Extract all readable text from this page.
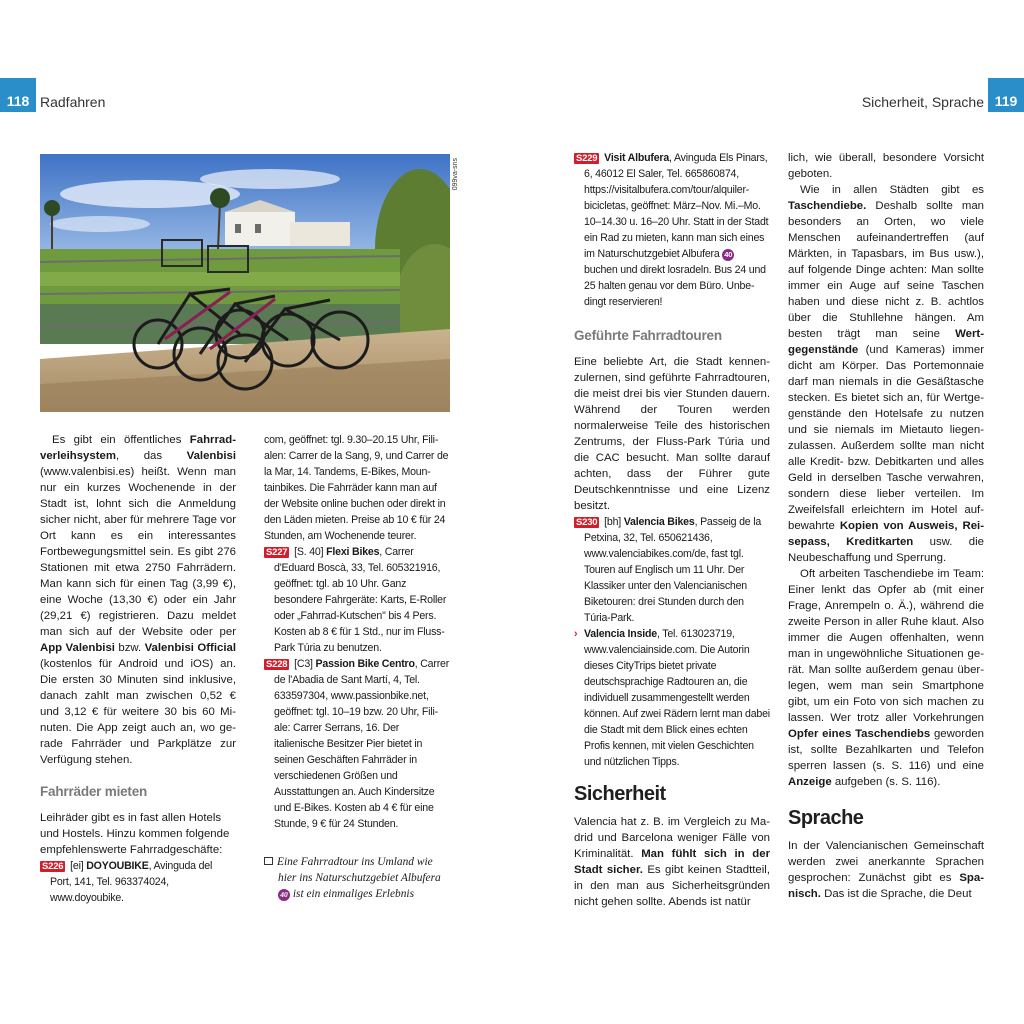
118 Radfahren	Sicherheit, Sprache 119
099va-sns

Es gibt ein öffentliches Fahrradverleihsystem, das Valenbisi (www.valenbisi.es) heißt. Wenn man nur ein kurzes Wochenende in der Stadt ist, lohnt sich die Anmeldung sicher nicht, aber für mehrere Tage vor Ort kann es ein interessantes Fortbewegungsmittel sein. Es gibt 276 Stationen mit etwa 2750 Fahrrädern. Man kann sich für einen Tag (3,99 €), eine Woche (13,30 €) oder ein Jahr (29,21 €) registrieren. Dazu meldet man sich auf der Website oder per App Valenbisi bzw. Valenbisi Official (kostenlos für Android und iOS) an. Die ersten 30 Minuten sind inklusive, danach zahlt man zwischen 0,52 € und 3,12 € für weitere 30 bis 60 Minuten. Die App zeigt auch an, wo gerade Fahrräder und Parkplätze zur Verfügung stehen.

Fahrräder mieten

Leihräder gibt es in fast allen Hotels und Hostels. Hinzu kommen folgende empfehlenswerte Fahrradgeschäfte:

S226 [ei] DOYOUBIKE, Avinguda del Port, 141, Tel. 963374024, www.doyoubike.

com, geöffnet: tgl. 9.30–20.15 Uhr, Filialen: Carrer de la Sang, 9, und Carrer de la Mar, 14. Tandems, E-Bikes, Mountainbikes. Die Fahrräder kann man auf der Website online buchen oder direkt in den Läden mieten. Preise ab 10 € für 24 Stunden, am Wochenende teurer.

S227 [S. 40] Flexi Bikes, Carrer d'Eduard Boscà, 33, Tel. 605321916, geöffnet: tgl. ab 10 Uhr. Ganz besondere Fahrgeräte: Karts, E-Roller oder „Fahrrad-Kutschen" bis 4 Pers. Kosten ab 8 € für 1 Std., nur im Fluss-Park Túria zu benutzen.

S228 [C3] Passion Bike Centro, Carrer de l'Abadia de Sant Martí, 4, Tel. 633597304, www.passionbike.net, geöffnet: tgl. 10–19 bzw. 20 Uhr, Filiale: Carrer Serrans, 16. Der italienische Besitzer Pier bietet in seinen Geschäften Fahrräder in verschiedenen Größen und Ausstattungen an. Auch Kindersitze und E-Bikes. Kosten ab 4 € für eine Stunde, 9 € für 24 Stunden.

Eine Fahrradtour ins Umland wie hier ins Naturschutzgebiet Albufera 40 ist ein einmaliges Erlebnis

S229 Visit Albufera, Avinguda Els Pinars, 6, 46012 El Saler, Tel. 665860874, https://visitalbufera.com/tour/alquiler-bicicletas, geöffnet: März–Nov. Mi.–Mo. 10–14.30 u. 16–20 Uhr. Statt in der Stadt ein Rad zu mieten, kann man sich eines im Naturschutzgebiet Albufera 40 buchen und direkt losradeln. Bus 24 und 25 halten genau vor dem Büro. Unbedingt reservieren!

Geführte Fahrradtouren

Eine beliebte Art, die Stadt kennenzulernen, sind geführte Fahrradtouren, die meist drei bis vier Stunden dauern. Während der Touren werden normalerweise Teile des historischen Zentrums, der Fluss-Park Túria und die CAC besucht. Man sollte darauf achten, dass der Führer gute Deutschkenntnisse und eine Lizenz besitzt.

S230 [bh] Valencia Bikes, Passeig de la Petxina, 32, Tel. 650621436, www.valenciabikes.com/de, fast tgl. Touren auf Englisch um 11 Uhr. Der Klassiker unter den Valencianischen Biketouren: drei Stunden durch den Túria-Park.

› Valencia Inside, Tel. 613023719, www.valenciainside.com. Die Autorin dieses CityTrips bietet private deutschsprachige Radtouren an, die individuell zusammengestellt werden können. Auf zwei Rädern lernt man dabei die Stadt mit dem Blick eines echten Profis kennen, mit vielen Geschichten und nützlichen Tipps.

Sicherheit

Valencia hat z. B. im Vergleich zu Madrid und Barcelona weniger Fälle von Kriminalität. Man fühlt sich in der Stadt sicher. Es gibt keinen Stadtteil, in den man aus Sicherheitsgründen nicht gehen sollte. Abends ist natür

lich, wie überall, besondere Vorsicht geboten.

Wie in allen Städten gibt es Taschendiebe. Deshalb sollte man besonders an Orten, wo viele Menschen aufeinandertreffen (auf Märkten, in Tapasbars, im Bus usw.), auf folgende Dinge achten: Man sollte immer ein Auge auf seine Taschen haben und diese nicht z. B. achtlos über die Stuhllehne hängen. Am besten trägt man seine Wertgegenstände (und Kameras) immer dicht am Körper. Das Portemonnaie darf man niemals in die Gesäßtasche stecken. Es bietet sich an, für Wertgegenstände den Hotelsafe zu nutzen und sie niemals im Mietauto liegenzulassen. Außerdem sollte man nicht alle Kredit- bzw. Debitkarten und alles Geld in derselben Tasche verwahren, sondern diese lieber verteilen. Im Zweifelsfall erleichtern im Hotel aufbewahrte Kopien von Ausweis, Reisepass, Kreditkarten usw. die Neubeschaffung und Sperrung.

Oft arbeiten Taschendiebe im Team: Einer lenkt das Opfer ab (mit einer Frage, Anrempeln o. Ä.), während die zweite Person in aller Ruhe klaut. Also immer die Augen offenhalten, wenn man in ungewöhnliche Situationen gerät. Man sollte außerdem genau überlegen, wem man sein Smartphone gibt, um ein Foto von sich machen zu lassen. Wer trotz aller Vorkehrungen Opfer eines Taschendiebs geworden ist, sollte Bezahlkarten und Telefon sperren lassen (s. S. 116) und eine Anzeige aufgeben (s. S. 116).

Sprache

In der Valencianischen Gemeinschaft werden zwei anerkannte Sprachen gesprochen: Zunächst gibt es Spanisch. Das ist die Sprache, die Deut
